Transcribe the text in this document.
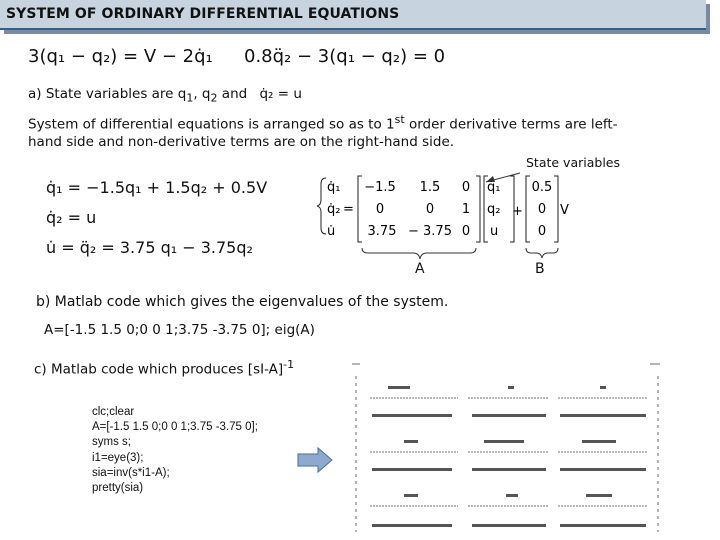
SYSTEM OF ORDINARY DIFFERENTIAL EQUATIONS
3(q₁ − q₂) = V − 2q̇₁ 0.8q̈₂ − 3(q₁ − q₂) = 0
a) State variables are $q_1$, $q_2$ and q̇₂ = u
System of differential equations is arranged so as to 1st order derivative terms are left-
hand side and non-derivative terms are on the right-hand side.
State variables
q̇₁ = −1.5q₁ + 1.5q₂ + 0.5V
q̇₂ = u
u̇ = q̈₂ = 3.75 q₁ − 3.75q₂
q̇₁
q̇₂
u̇
=
−1.5 1.5 0
0	0 1
3.75 − 3.75 0
q₁
q₂
u
+
0.5
0
0
V
A	B
b) Matlab code which gives the eigenvalues of the system.
A=[-1.5 1.5 0;0 0 1;3.75 -3.75 0]; eig(A)
c) Matlab code which produces $[sI-A]^{-1}$
clc;clear
A=[-1.5 1.5 0;0 0 1;3.75 -3.75 0];
syms s;
i1=eye(3);
sia=inv(s*i1-A);
pretty(sia)
